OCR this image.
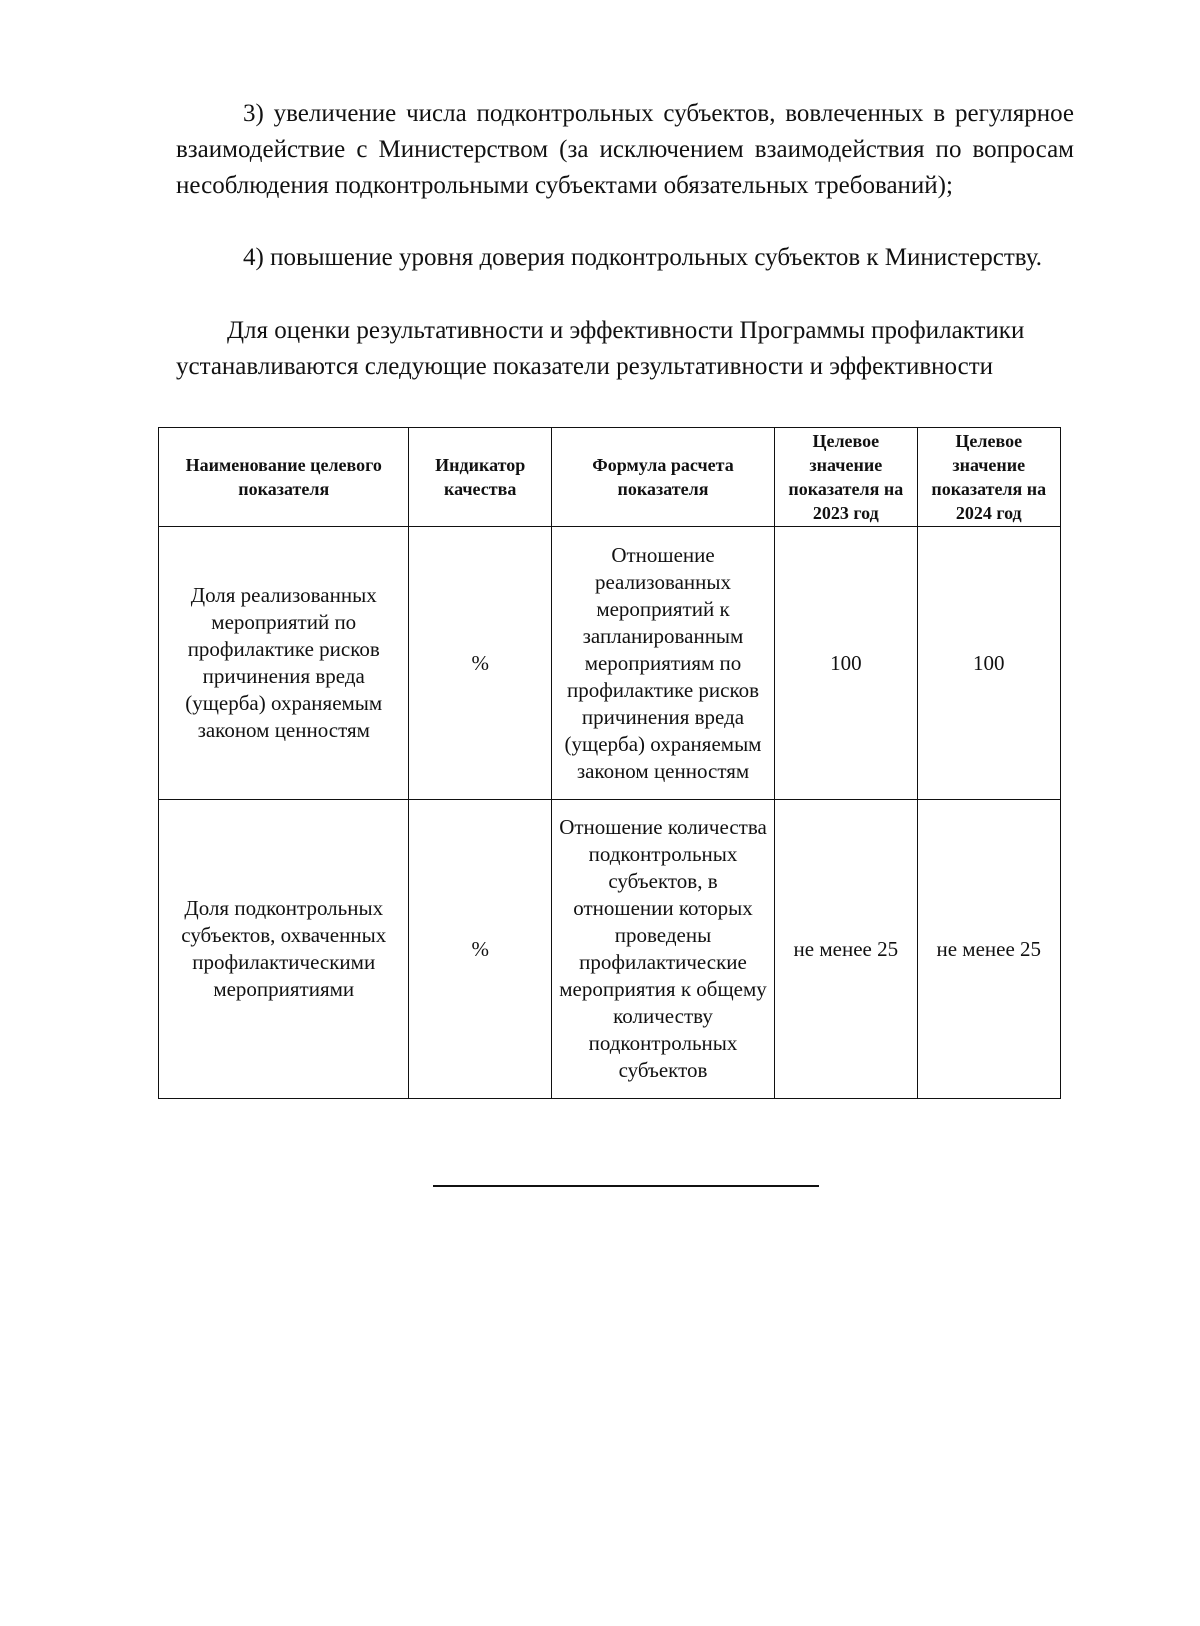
3) увеличение числа подконтрольных субъектов, вовлеченных в регулярное взаимодействие с Министерством (за исключением взаимодействия по вопросам несоблюдения подконтрольными субъектами обязательных требований);

4) повышение уровня доверия подконтрольных субъектов к Министерству.

Для оценки результативности и эффективности Программы профилактики устанавливаются следующие показатели результативности и эффективности

Наименование целевого показателя	Индикатор качества	Формула расчета показателя	Целевое значение показателя на 2023 год	Целевое значение показателя на 2024 год
Доля реализованных мероприятий по профилактике рисков причинения вреда (ущерба) охраняемым законом ценностям	%	Отношение реализованных мероприятий к запланированным мероприятиям по профилактике рисков причинения вреда (ущерба) охраняемым законом ценностям	100	100
Доля подконтрольных субъектов, охваченных профилактическими мероприятиями	%	Отношение количества подконтрольных субъектов, в отношении которых проведены профилактические мероприятия к общему количеству подконтрольных субъектов	не менее 25	не менее 25
